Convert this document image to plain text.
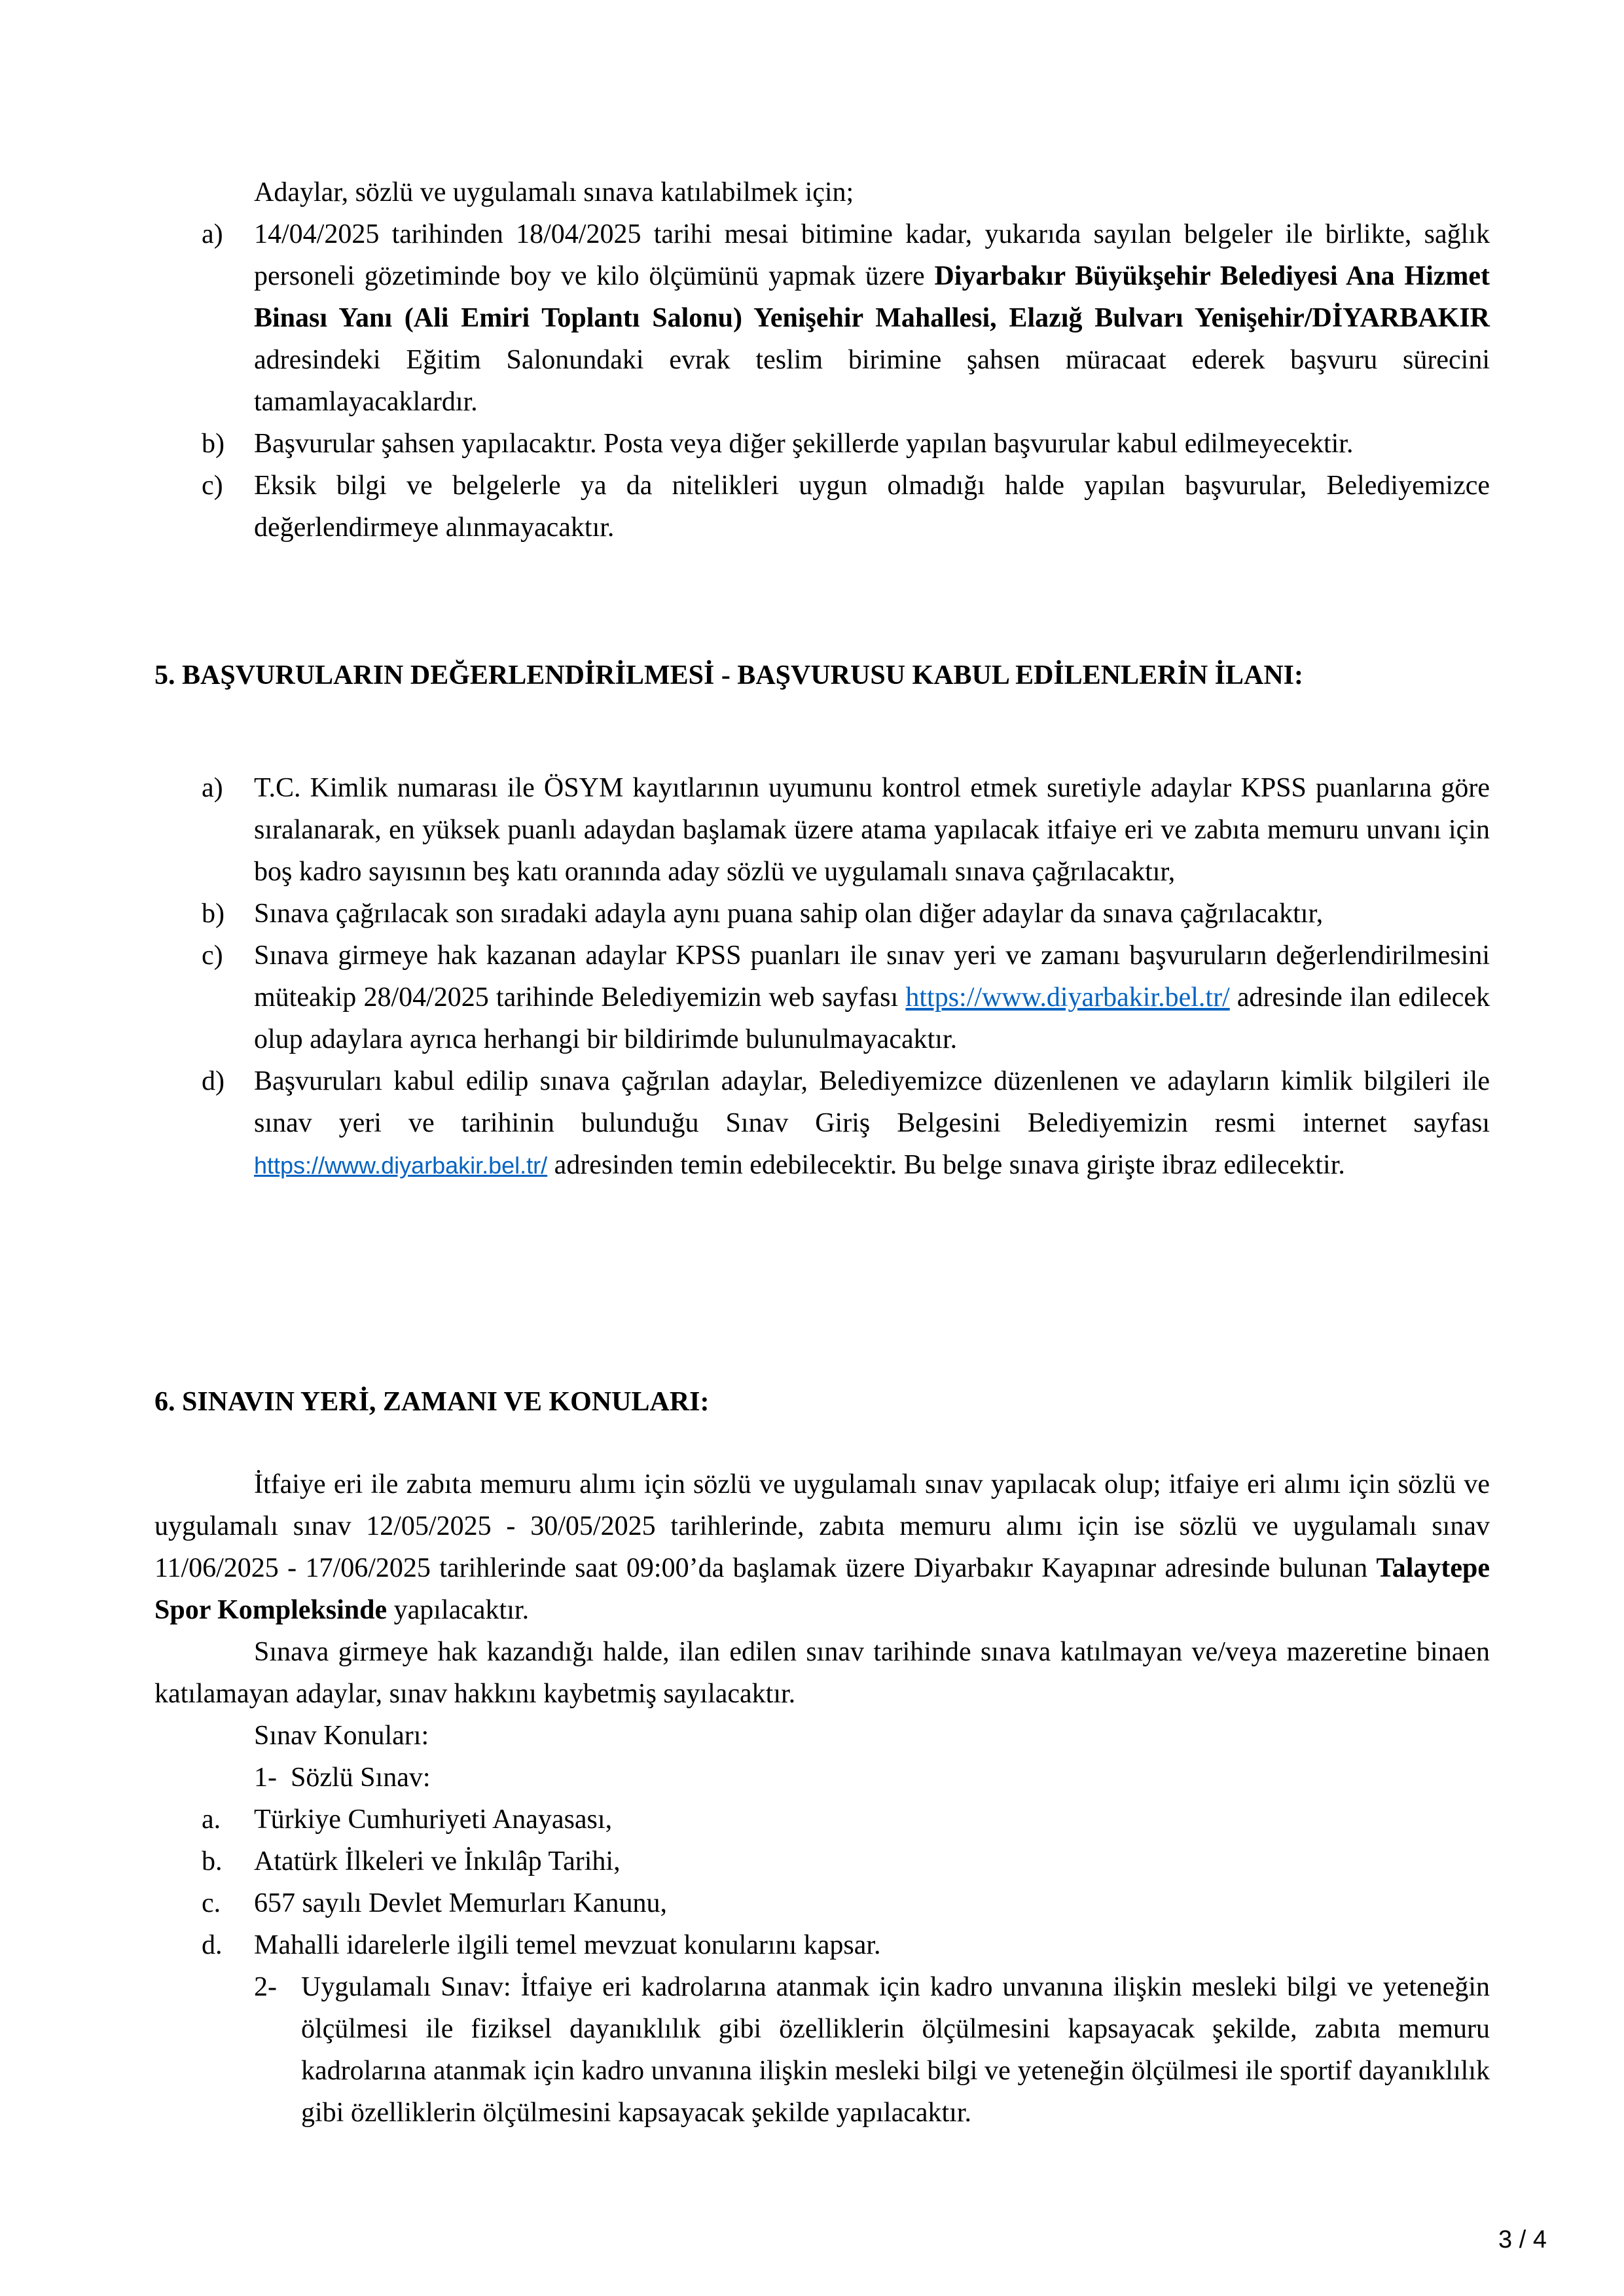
Adaylar, sözlü ve uygulamalı sınava katılabilmek için;
a) 14/04/2025 tarihinden 18/04/2025 tarihi mesai bitimine kadar, yukarıda sayılan belgeler ile birlikte, sağlık personeli gözetiminde boy ve kilo ölçümünü yapmak üzere Diyarbakır Büyükşehir Belediyesi Ana Hizmet Binası Yanı (Ali Emiri Toplantı Salonu) Yenişehir Mahallesi, Elazığ Bulvarı Yenişehir/DİYARBAKIR adresindeki Eğitim Salonundaki evrak teslim birimine şahsen müracaat ederek başvuru sürecini tamamlayacaklardır.
b) Başvurular şahsen yapılacaktır. Posta veya diğer şekillerde yapılan başvurular kabul edilmeyecektir.
c) Eksik bilgi ve belgelerle ya da nitelikleri uygun olmadığı halde yapılan başvurular, Belediyemizce değerlendirmeye alınmayacaktır.
5. BAŞVURULARIN DEĞERLENDİRİLMESİ - BAŞVURUSU KABUL EDİLENLERİN İLANI:
a) T.C. Kimlik numarası ile ÖSYM kayıtlarının uyumunu kontrol etmek suretiyle adaylar KPSS puanlarına göre sıralanarak, en yüksek puanlı adaydan başlamak üzere atama yapılacak itfaiye eri ve zabıta memuru unvanı için boş kadro sayısının beş katı oranında aday sözlü ve uygulamalı sınava çağrılacaktır,
b) Sınava çağrılacak son sıradaki adayla aynı puana sahip olan diğer adaylar da sınava çağrılacaktır,
c) Sınava girmeye hak kazanan adaylar KPSS puanları ile sınav yeri ve zamanı başvuruların değerlendirilmesini müteakip 28/04/2025 tarihinde Belediyemizin web sayfası https://www.diyarbakir.bel.tr/ adresinde ilan edilecek olup adaylara ayrıca herhangi bir bildirimde bulunulmayacaktır.
d) Başvuruları kabul edilip sınava çağrılan adaylar, Belediyemizce düzenlenen ve adayların kimlik bilgileri ile sınav yeri ve tarihinin bulunduğu Sınav Giriş Belgesini Belediyemizin resmi internet sayfası https://www.diyarbakir.bel.tr/ adresinden temin edebilecektir. Bu belge sınava girişte ibraz edilecektir.
6. SINAVIN YERİ, ZAMANI VE KONULARI:
İtfaiye eri ile zabıta memuru alımı için sözlü ve uygulamalı sınav yapılacak olup; itfaiye eri alımı için sözlü ve uygulamalı sınav 12/05/2025 - 30/05/2025 tarihlerinde, zabıta memuru alımı için ise sözlü ve uygulamalı sınav 11/06/2025 - 17/06/2025 tarihlerinde saat 09:00’da başlamak üzere Diyarbakır Kayapınar adresinde bulunan Talaytepe Spor Kompleksinde yapılacaktır.
Sınava girmeye hak kazandığı halde, ilan edilen sınav tarihinde sınava katılmayan ve/veya mazeretine binaen katılamayan adaylar, sınav hakkını kaybetmiş sayılacaktır.
Sınav Konuları:
1- Sözlü Sınav:
a. Türkiye Cumhuriyeti Anayasası,
b. Atatürk İlkeleri ve İnkılâp Tarihi,
c. 657 sayılı Devlet Memurları Kanunu,
d. Mahalli idarelerle ilgili temel mevzuat konularını kapsar.
2- Uygulamalı Sınav: İtfaiye eri kadrolarına atanmak için kadro unvanına ilişkin mesleki bilgi ve yeteneğin ölçülmesi ile fiziksel dayanıklılık gibi özelliklerin ölçülmesini kapsayacak şekilde, zabıta memuru kadrolarına atanmak için kadro unvanına ilişkin mesleki bilgi ve yeteneğin ölçülmesi ile sportif dayanıklılık gibi özelliklerin ölçülmesini kapsayacak şekilde yapılacaktır.
3 / 4
